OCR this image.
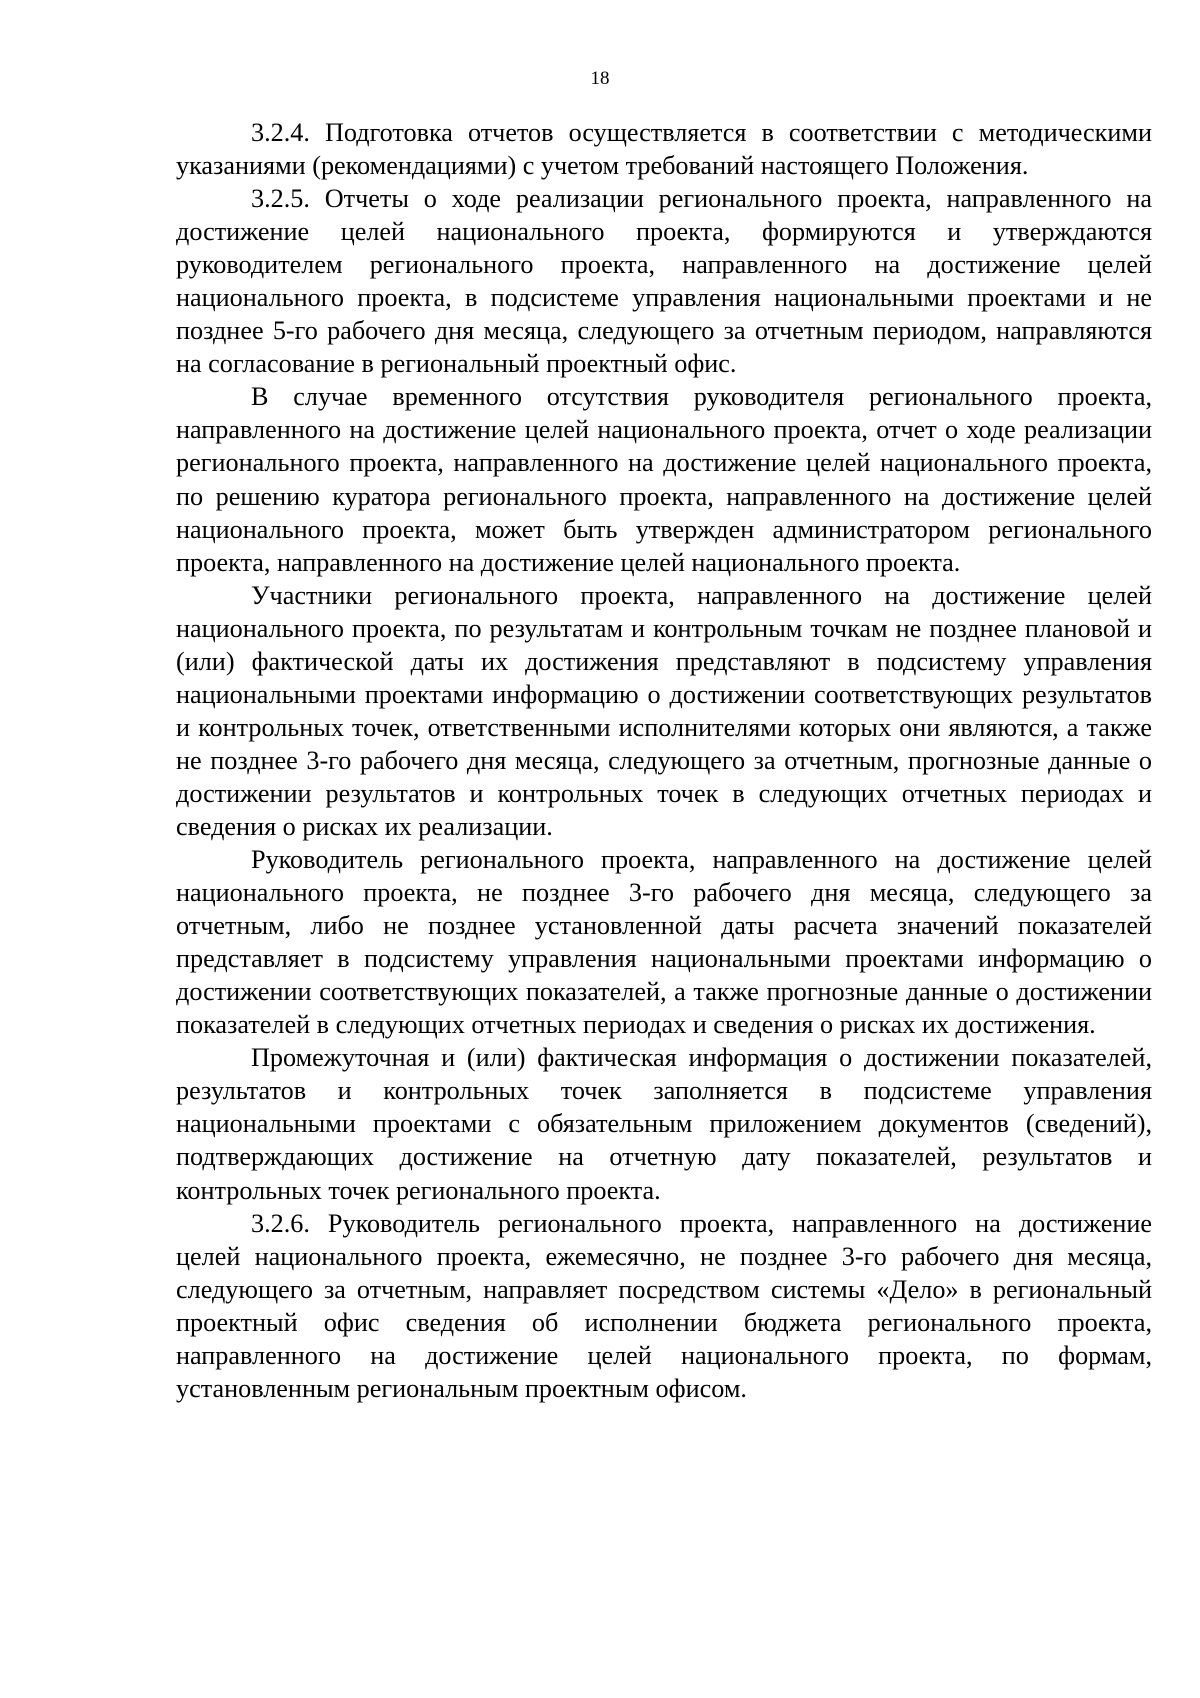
18

3.2.4. Подготовка отчетов осуществляется в соответствии с методическими указаниями (рекомендациями) с учетом требований настоящего Положения.

3.2.5. Отчеты о ходе реализации регионального проекта, направленного на достижение целей национального проекта, формируются и утверждаются руководителем регионального проекта, направленного на достижение целей национального проекта, в подсистеме управления национальными проектами и не позднее 5-го рабочего дня месяца, следующего за отчетным периодом, направляются на согласование в региональный проектный офис.

В случае временного отсутствия руководителя регионального проекта, направленного на достижение целей национального проекта, отчет о ходе реализации регионального проекта, направленного на достижение целей национального проекта, по решению куратора регионального проекта, направленного на достижение целей национального проекта, может быть утвержден администратором регионального проекта, направленного на достижение целей национального проекта.

Участники регионального проекта, направленного на достижение целей национального проекта, по результатам и контрольным точкам не позднее плановой и (или) фактической даты их достижения представляют в подсистему управления национальными проектами информацию о достижении соответствующих результатов и контрольных точек, ответственными исполнителями которых они являются, а также не позднее 3-го рабочего дня месяца, следующего за отчетным, прогнозные данные о достижении результатов и контрольных точек в следующих отчетных периодах и сведения о рисках их реализации.

Руководитель регионального проекта, направленного на достижение целей национального проекта, не позднее 3-го рабочего дня месяца, следующего за отчетным, либо не позднее установленной даты расчета значений показателей представляет в подсистему управления национальными проектами информацию о достижении соответствующих показателей, а также прогнозные данные о достижении показателей в следующих отчетных периодах и сведения о рисках их достижения.

Промежуточная и (или) фактическая информация о достижении показателей, результатов и контрольных точек заполняется в подсистеме управления национальными проектами с обязательным приложением документов (сведений), подтверждающих достижение на отчетную дату показателей, результатов и контрольных точек регионального проекта.

3.2.6. Руководитель регионального проекта, направленного на достижение целей национального проекта, ежемесячно, не позднее 3-го рабочего дня месяца, следующего за отчетным, направляет посредством системы «Дело» в региональный проектный офис сведения об исполнении бюджета регионального проекта, направленного на достижение целей национального проекта, по формам, установленным региональным проектным офисом.
